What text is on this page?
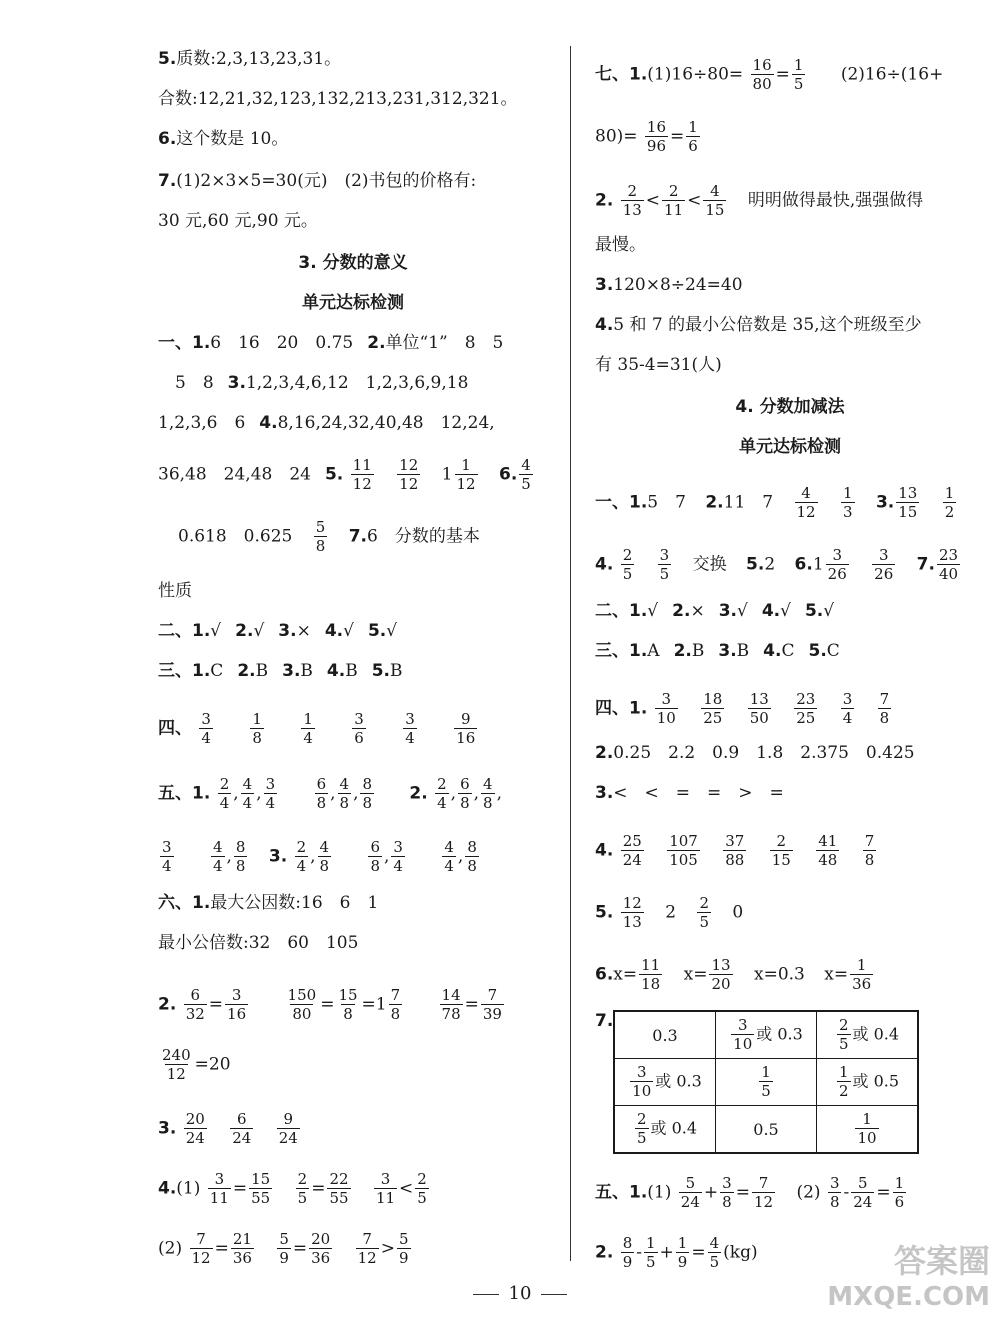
5.质数:2,3,13,23,31。
合数:12,21,32,123,132,213,231,312,321。
6.这个数是 10。
7.(1)2×3×5=30(元)　(2)书包的价格有:
30 元,60 元,90 元。
3. 分数的意义
单元达标检测
一、1.6　16　20　0.75 2.单位“1”　8　5
5　8 3.1,2,3,4,6,12　1,2,3,6,9,18
1,2,3,6　6 4.8,16,24,32,40,48　12,24,
36,48　24,48　24 5. $\frac{11}{12}$
$\frac{12}{12} 1 \frac{1}{12} 6$. $\frac{4}{5}$
0.618　$0.625 \frac{5}{8} 7.6$　分数的基本
性质
二、1.√ 2.√ 3.× 4.√ 5.√
三、1.C 2.B 3.B 4.B 5.B
四、 $\frac{3}{4}$
$\frac{1}{8}$
$\frac{1}{4}$
$\frac{3}{6}$
$\frac{3}{4}$
$\frac{9}{16}$
五、1. $\frac{2}{4}$ , $\frac{4}{4}$ , $\frac{3}{4}$
$\frac{6}{8}$ , $\frac{4}{8}$ , $\frac{8}{8} 2$. $\frac{2}{4}$ , $\frac{6}{8}$ , $\frac{4}{8}$ ,
$\frac{3}{4}$
$\frac{4}{4}$ , $\frac{8}{8} 3$. $\frac{2}{4}$ , $\frac{4}{8}$
$\frac{6}{8}$ , $\frac{3}{4}$
$\frac{4}{4}$ , $\frac{8}{8}$
六、1.最大公因数:16　6　1
最小公倍数:32　60　105
2. $\frac{6}{32} = \frac{3}{16}$
$\frac{150}{80} = \frac{15}{8} =1 \frac{7}{8}$
$\frac{14}{78} = \frac{7}{39}$
$\frac{240}{12} =20$
3. $\frac{20}{24}$
$\frac{6}{24}$
$\frac{9}{24}$
$4.(1) \frac{3}{11} = \frac{15}{55}$
$\frac{2}{5} = \frac{22}{55}$
$\frac{3}{11} < \frac{2}{5}$
$(2) \frac{7}{12} = \frac{21}{36}$
$\frac{5}{9} = \frac{20}{36}$
$\frac{7}{12} > \frac{5}{9}$
七、$1.(1)16\div 80= \frac{16}{80} = \frac{1}{5} (2)16\div(16+$
$80)= \frac{16}{96} = \frac{1}{6}$
2. $\frac{2}{13} < \frac{2}{11} < \frac{4}{15}$ 明明做得最快,强强做得
最慢。
3.120×8÷24=40
4.5 和 7 的最小公倍数是 35,这个班级至少
有 35-4=31(人)
4. 分数加减法
单元达标检测
一、1.5　7 2.11　$7 \frac{4}{12}$
$\frac{1}{3} 3$. $\frac{13}{15}$
$\frac{1}{2}$
4. $\frac{2}{5}$
$\frac{3}{5}$ 交换 5.2 $6.1 \frac{3}{26}$
$\frac{3}{26} 7$. $\frac{23}{40}$
二、1.√ 2.× 3.√ 4.√ 5.√
三、1.A 2.B 3.B 4.C 5.C
四、1. $\frac{3}{10}$
$\frac{18}{25}$
$\frac{13}{50}$
$\frac{23}{25}$
$\frac{3}{4}$
$\frac{7}{8}$
2.0.25　2.2　0.9　1.8　2.375　0.425
3.<　<　=　=　>　=
4. $\frac{25}{24}$
$\frac{107}{105}$
$\frac{37}{88}$
$\frac{2}{15}$
$\frac{41}{48}$
$\frac{7}{8}$
5. $\frac{12}{13} 2 \frac{2}{5} 0$
$6.x= \frac{11}{18} x= \frac{13}{20} x=0.3$ $x= \frac{1}{36}$
7.
0.3	$\frac{3}{10}$ 或 0.3	$\frac{2}{5}$ 或 0.4

$\frac{3}{10}$ 或 0.3	$\frac{1}{5}$	$\frac{1}{2}$ 或 0.5

$\frac{2}{5}$ 或 0.4	0.5	$\frac{1}{10}$
五、$1.(1) \frac{5}{24} + \frac{3}{8} = \frac{7}{12} (2) \frac{3}{8} - \frac{5}{24} = \frac{1}{6}$
2. $\frac{8}{9} - \frac{1}{5} + \frac{1}{9} = \frac{4}{5} (kg)$
10
答案圈
MXQE.COM
